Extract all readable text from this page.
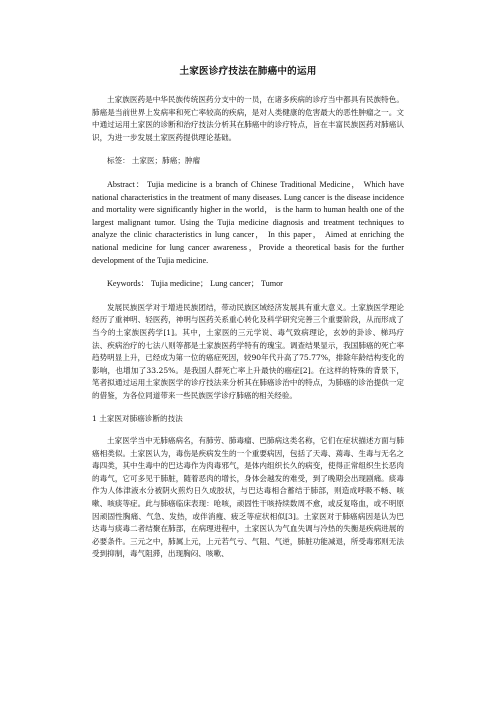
土家医诊疗技法在肺癌中的运用

土家族医药是中华民族传统医药分支中的一员，在诸多疾病的诊疗当中都具有民族特色。肺癌是当前世界上发病率和死亡率较高的疾病，是对人类健康的危害最大的恶性肿瘤之一。文中通过运用土家医的诊断和治疗技法分析其在肺癌中的诊疗特点，旨在丰富民族医药对肺癌认识，为进一步发展土家医药提供理论基础。

标签： 土家医；肺癌；肿瘤

Abstract： Tujia medicine is a branch of Chinese Traditional Medicine， Which have national characteristics in the treatment of many diseases. Lung cancer is the disease incidence and mortality were significantly higher in the world， is the harm to human health one of the largest malignant tumor. Using the Tujia medicine diagnosis and treatment techniques to analyze the clinic characteristics in lung cancer， In this paper， Aimed at enriching the national medicine for lung cancer awareness，Provide a theoretical basis for the further development of the Tujia medicine.

Keywords： Tujia medicine； Lung cancer； Tumor

发展民族医学对于增进民族团结，带动民族区域经济发展具有重大意义。土家族医学理论经历了重神明、轻医药，神明与医药关系重心转化及科学研究完善三个重要阶段，从而形成了当今的土家族医药学[1]。其中，土家医的三元学说、毒气致病理论，玄妙的卦诊、梯玛疗法、疾病治疗的七法八则等都是土家族医药学特有的瑰宝。调查结果显示，我国肺癌的死亡率趋势明显上升，已经成为第一位的癌症死因，较90年代升高了75.77%，排除年龄结构变化的影响，也增加了33.25%。是我国人群死亡率上升最快的癌症[2]。在这样的特殊的背景下，笔者拟通过运用土家族医学的诊疗技法来分析其在肺癌诊治中的特点，为肺癌的诊治提供一定的借鉴，为各位同道带来一些民族医学诊疗肺癌的相关经验。

1 土家医对肺癌诊断的技法

土家医学当中无肺癌病名，有肺劳、肺毒瘤、巴肺病这类名称，它们在症状描述方面与肺癌相类似。土家医认为，毒伤是疾病发生的一个重要病因，包括了天毒、蔫毒、生毒与无名之毒四类，其中生毒中的巴达毒作为肉毒邪气，是体内组织长久的病变，使得正常组织生长恶肉的毒气，它可多见于肺脏，随着恶肉的增长，身体会越发的难受，到了晚期会出现剧痛。痰毒作为人体津液水分被阴火煎灼日久成胶状，与巴达毒相合蓄结于肺部，则造成呼吸不畅、咳嗽、咳痰等症。此与肺癌临床表现：呛咳，顽固性干咳持续数周不愈，或反复咯血，或不明原因顽固性胸痛、气急、发热，或伴消瘦、疲乏等症状相似[3]。土家医对于肺癌病因是认为巴达毒与痰毒二者结聚在肺部，在病理进程中，土家医认为气血失调与冷热的失衡是疾病进展的必要条件。三元之中，肺属上元，上元若气亏、气阻、气逆，肺脏功能减退，所受毒邪则无法受到抑制，毒气阻滞，出现胸闷、咳嗽、
